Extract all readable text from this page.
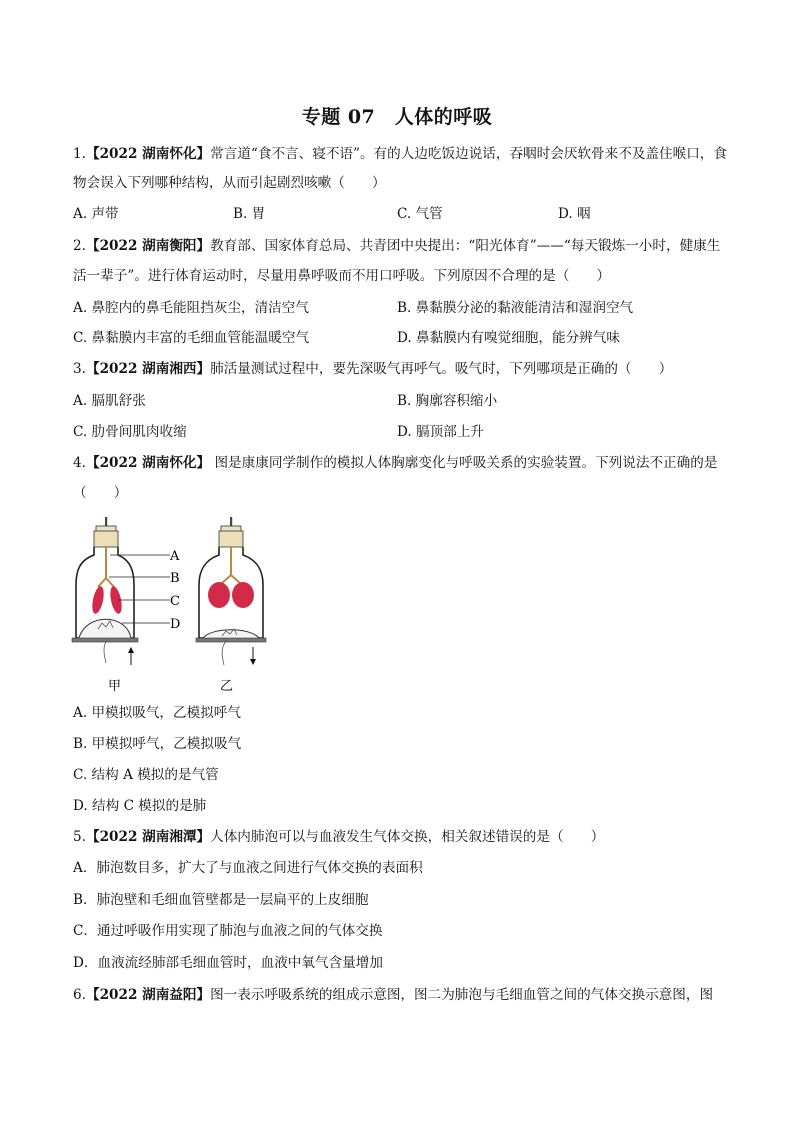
专题 07　人体的呼吸
1.【2022 湖南怀化】常言道“食不言、寝不语”。有的人边吃饭边说话，吞咽时会厌软骨来不及盖住喉口，食
物会误入下列哪种结构，从而引起剧烈咳嗽（　　）
A. 声带	B. 胃	C. 气管	D. 咽
2.【2022 湖南衡阳】教育部、国家体育总局、共青团中央提出：“阳光体育”——“每天锻炼一小时，健康生
活一辈子”。进行体育运动时，尽量用鼻呼吸而不用口呼吸。下列原因不合理的是（　　）
A. 鼻腔内的鼻毛能阻挡灰尘，清洁空气	B. 鼻黏膜分泌的黏液能清洁和湿润空气
C. 鼻黏膜内丰富的毛细血管能温暖空气	D. 鼻黏膜内有嗅觉细胞，能分辨气味
3.【2022 湖南湘西】肺活量测试过程中，要先深吸气再呼气。吸气时，下列哪项是正确的（　　）
A. 膈肌舒张	B. 胸廓容积缩小
C. 肋骨间肌肉收缩	D. 膈顶部上升
4.【2022 湖南怀化】 图是康康同学制作的模拟人体胸廓变化与呼吸关系的实验装置。下列说法不正确的是
（　　）
A
B
C
D
甲	乙
A. 甲模拟吸气，乙模拟呼气
B. 甲模拟呼气，乙模拟吸气
C. 结构 A 模拟的是气管
D. 结构 C 模拟的是肺
5.【2022 湖南湘潭】人体内肺泡可以与血液发生气体交换，相关叙述错误的是（　　）
A．肺泡数目多，扩大了与血液之间进行气体交换的表面积
B．肺泡壁和毛细血管壁都是一层扁平的上皮细胞
C．通过呼吸作用实现了肺泡与血液之间的气体交换
D．血液流经肺部毛细血管时，血液中氧气含量增加
6.【2022 湖南益阳】图一表示呼吸系统的组成示意图，图二为肺泡与毛细血管之间的气体交换示意图，图
